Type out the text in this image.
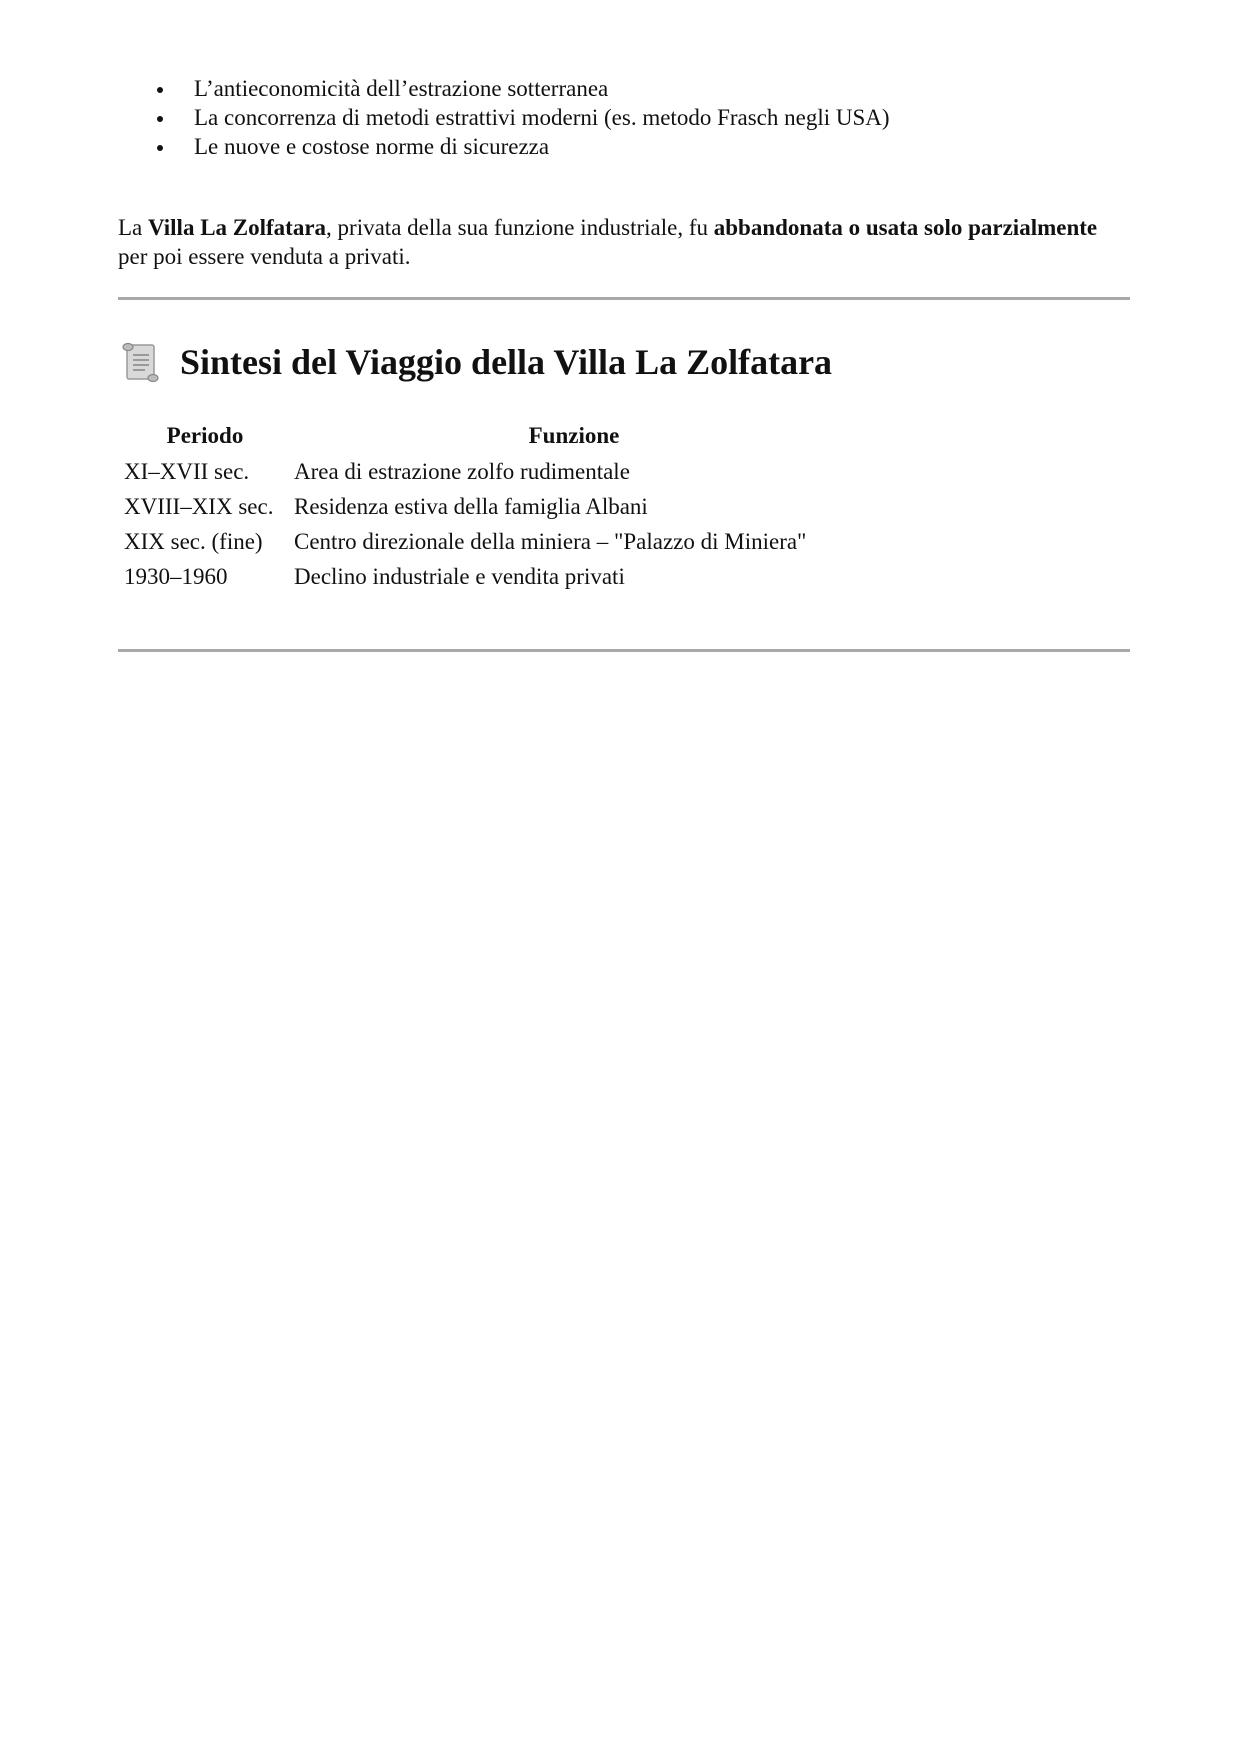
L’antieconomicità dell’estrazione sotterranea
La concorrenza di metodi estrattivi moderni (es. metodo Frasch negli USA)
Le nuove e costose norme di sicurezza

La Villa La Zolfatara, privata della sua funzione industriale, fu abbandonata o usata solo parzialmente per poi essere venduta a privati.

Sintesi del Viaggio della Villa La Zolfatara
Periodo	Funzione
XI–XVII sec.	Area di estrazione zolfo rudimentale
XVIII–XIX sec.	Residenza estiva della famiglia Albani
XIX sec. (fine)	Centro direzionale della miniera – "Palazzo di Miniera"
1930–1960	Declino industriale e vendita privati
